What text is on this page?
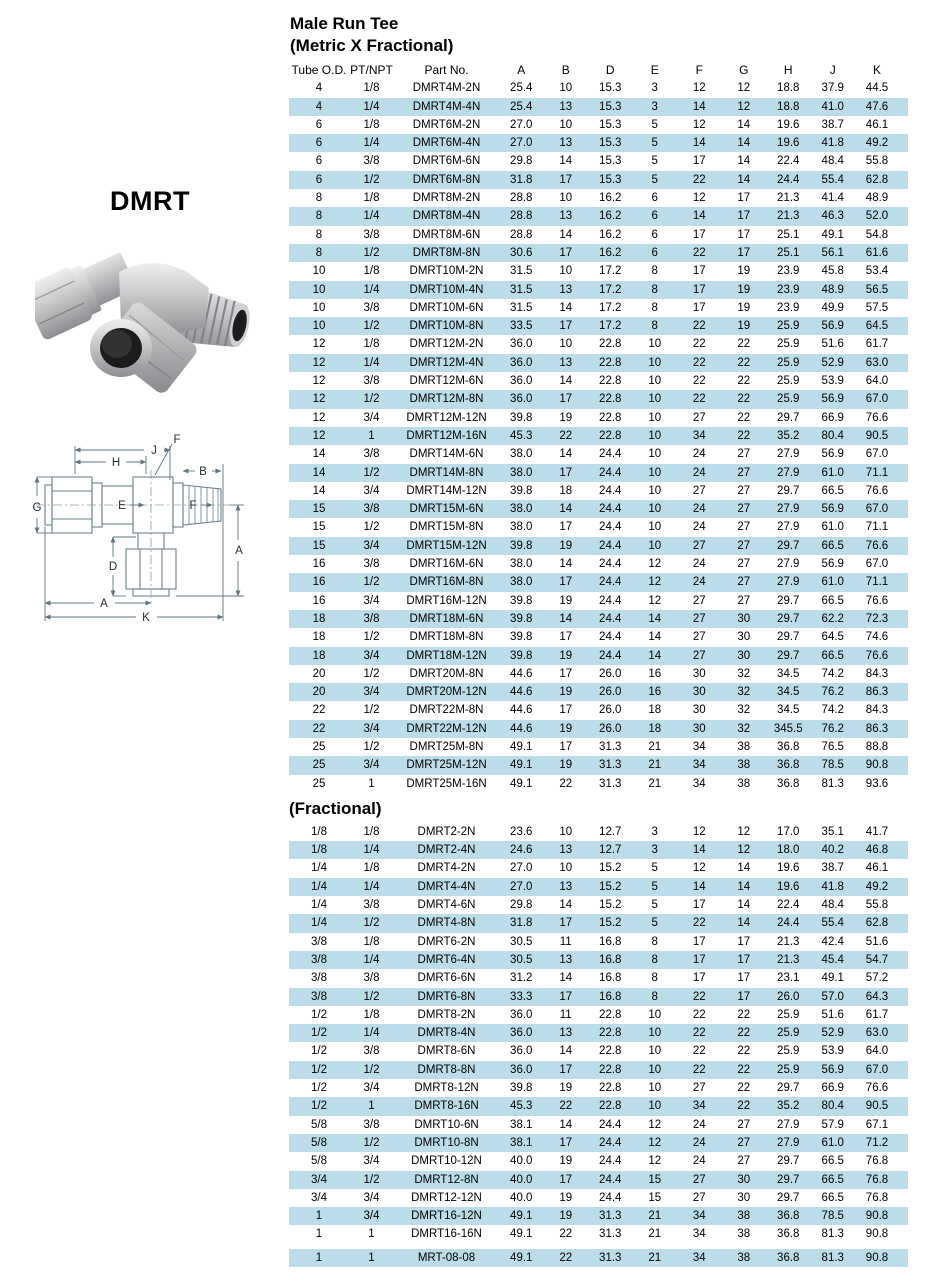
Male Run Tee
(Metric X Fractional)
DMRT
F
J
H
B
G	E	F
A
D
A
K
Tube O.D.	PT/NPT	Part No.	A	B	D	E	F	G	H	J	K
4	1/8	DMRT4M-2N	25.4	10	15.3	3	12	12	18.8	37.9	44.5
4	1/4	DMRT4M-4N	25.4	13	15.3	3	14	12	18.8	41.0	47.6
6	1/8	DMRT6M-2N	27.0	10	15.3	5	12	14	19.6	38.7	46.1
6	1/4	DMRT6M-4N	27.0	13	15.3	5	14	14	19.6	41.8	49.2
6	3/8	DMRT6M-6N	29.8	14	15.3	5	17	14	22.4	48.4	55.8
6	1/2	DMRT6M-8N	31.8	17	15.3	5	22	14	24.4	55.4	62.8
8	1/8	DMRT8M-2N	28.8	10	16.2	6	12	17	21.3	41.4	48.9
8	1/4	DMRT8M-4N	28.8	13	16.2	6	14	17	21.3	46.3	52.0
8	3/8	DMRT8M-6N	28.8	14	16.2	6	17	17	25.1	49.1	54.8
8	1/2	DMRT8M-8N	30.6	17	16.2	6	22	17	25.1	56.1	61.6
10	1/8	DMRT10M-2N	31.5	10	17.2	8	17	19	23.9	45.8	53.4
10	1/4	DMRT10M-4N	31.5	13	17.2	8	17	19	23.9	48.9	56.5
10	3/8	DMRT10M-6N	31.5	14	17.2	8	17	19	23.9	49.9	57.5
10	1/2	DMRT10M-8N	33.5	17	17.2	8	22	19	25.9	56.9	64.5
12	1/8	DMRT12M-2N	36.0	10	22.8	10	22	22	25.9	51.6	61.7
12	1/4	DMRT12M-4N	36.0	13	22.8	10	22	22	25.9	52.9	63.0
12	3/8	DMRT12M-6N	36.0	14	22.8	10	22	22	25.9	53.9	64.0
12	1/2	DMRT12M-8N	36.0	17	22.8	10	22	22	25.9	56.9	67.0
12	3/4	DMRT12M-12N	39.8	19	22.8	10	27	22	29.7	66.9	76.6
12	1	DMRT12M-16N	45.3	22	22.8	10	34	22	35.2	80.4	90.5
14	3/8	DMRT14M-6N	38.0	14	24.4	10	24	27	27.9	56.9	67.0
14	1/2	DMRT14M-8N	38.0	17	24.4	10	24	27	27.9	61.0	71.1
14	3/4	DMRT14M-12N	39.8	18	24.4	10	27	27	29.7	66.5	76.6
15	3/8	DMRT15M-6N	38.0	14	24.4	10	24	27	27.9	56.9	67.0
15	1/2	DMRT15M-8N	38.0	17	24.4	10	24	27	27.9	61.0	71.1
15	3/4	DMRT15M-12N	39.8	19	24.4	10	27	27	29.7	66.5	76.6
16	3/8	DMRT16M-6N	38.0	14	24.4	12	24	27	27.9	56.9	67.0
16	1/2	DMRT16M-8N	38.0	17	24.4	12	24	27	27.9	61.0	71.1
16	3/4	DMRT16M-12N	39.8	19	24.4	12	27	27	29.7	66.5	76.6
18	3/8	DMRT18M-6N	39.8	14	24.4	14	27	30	29.7	62.2	72.3
18	1/2	DMRT18M-8N	39.8	17	24.4	14	27	30	29.7	64.5	74.6
18	3/4	DMRT18M-12N	39.8	19	24.4	14	27	30	29.7	66.5	76.6
20	1/2	DMRT20M-8N	44.6	17	26.0	16	30	32	34.5	74.2	84.3
20	3/4	DMRT20M-12N	44.6	19	26.0	16	30	32	34.5	76.2	86.3
22	1/2	DMRT22M-8N	44.6	17	26.0	18	30	32	34.5	74.2	84.3
22	3/4	DMRT22M-12N	44.6	19	26.0	18	30	32	345.5	76.2	86.3
25	1/2	DMRT25M-8N	49.1	17	31.3	21	34	38	36.8	76.5	88.8
25	3/4	DMRT25M-12N	49.1	19	31.3	21	34	38	36.8	78.5	90.8
25	1	DMRT25M-16N	49.1	22	31.3	21	34	38	36.8	81.3	93.6
(Fractional)
1/8	1/8	DMRT2-2N	23.6	10	12.7	3	12	12	17.0	35.1	41.7
1/8	1/4	DMRT2-4N	24.6	13	12.7	3	14	12	18.0	40.2	46.8
1/4	1/8	DMRT4-2N	27.0	10	15.2	5	12	14	19.6	38.7	46.1
1/4	1/4	DMRT4-4N	27.0	13	15.2	5	14	14	19.6	41.8	49.2
1/4	3/8	DMRT4-6N	29.8	14	15.2	5	17	14	22.4	48.4	55.8
1/4	1/2	DMRT4-8N	31.8	17	15.2	5	22	14	24.4	55.4	62.8
3/8	1/8	DMRT6-2N	30.5	11	16.8	8	17	17	21.3	42.4	51.6
3/8	1/4	DMRT6-4N	30.5	13	16.8	8	17	17	21.3	45.4	54.7
3/8	3/8	DMRT6-6N	31.2	14	16.8	8	17	17	23.1	49.1	57.2
3/8	1/2	DMRT6-8N	33.3	17	16.8	8	22	17	26.0	57.0	64.3
1/2	1/8	DMRT8-2N	36.0	11	22.8	10	22	22	25.9	51.6	61.7
1/2	1/4	DMRT8-4N	36.0	13	22.8	10	22	22	25.9	52.9	63.0
1/2	3/8	DMRT8-6N	36.0	14	22.8	10	22	22	25.9	53.9	64.0
1/2	1/2	DMRT8-8N	36.0	17	22.8	10	22	22	25.9	56.9	67.0
1/2	3/4	DMRT8-12N	39.8	19	22.8	10	27	22	29.7	66.9	76.6
1/2	1	DMRT8-16N	45.3	22	22.8	10	34	22	35.2	80.4	90.5
5/8	3/8	DMRT10-6N	38.1	14	24.4	12	24	27	27.9	57.9	67.1
5/8	1/2	DMRT10-8N	38.1	17	24.4	12	24	27	27.9	61.0	71.2
5/8	3/4	DMRT10-12N	40.0	19	24.4	12	24	27	29.7	66.5	76.8
3/4	1/2	DMRT12-8N	40.0	17	24.4	15	27	30	29.7	66.5	76.8
3/4	3/4	DMRT12-12N	40.0	19	24.4	15	27	30	29.7	66.5	76.8
1	3/4	DMRT16-12N	49.1	19	31.3	21	34	38	36.8	78.5	90.8
1	1	DMRT16-16N	49.1	22	31.3	21	34	38	36.8	81.3	90.8

1	1	MRT-08-08	49.1	22	31.3	21	34	38	36.8	81.3	90.8
